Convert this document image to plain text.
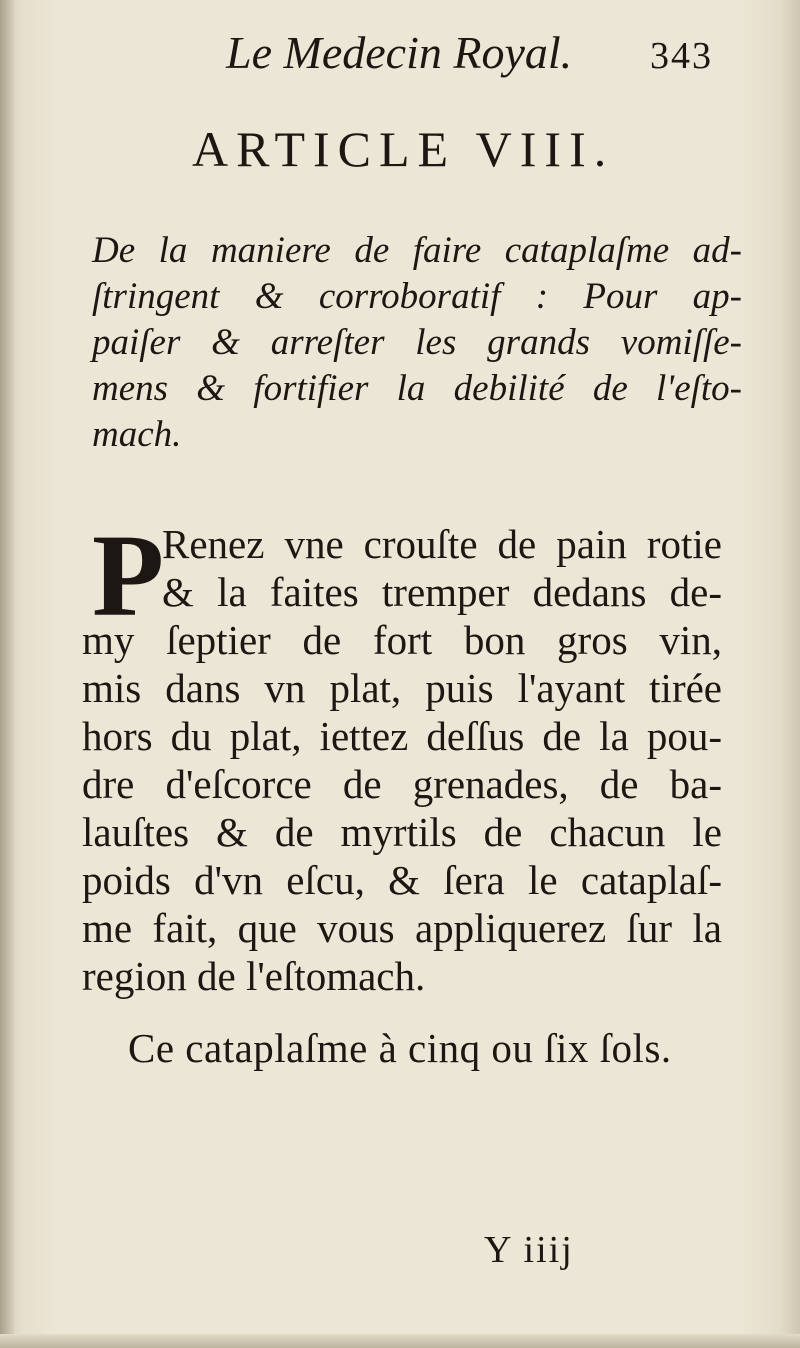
Le Medecin Royal. 343
ARTICLE VIII.
De la maniere de faire cataplaſme ad-
ſtringent & corroboratif : Pour ap-
paiſer & arreſter les grands vomiſſe-
mens & fortifier la debilité de l'eſto-
mach.
P
Renez vne crouſte de pain rotie
& la faites tremper dedans de-
my ſeptier de fort bon gros vin,
mis dans vn plat, puis l'ayant tirée
hors du plat, iettez deſſus de la pou-
dre d'eſcorce de grenades, de ba-
lauſtes & de myrtils de chacun le
poids d'vn eſcu, & ſera le cataplaſ-
me fait, que vous appliquerez ſur la
region de l'eſtomach.
Ce cataplaſme à cinq ou ſix ſols.
Y iiij
